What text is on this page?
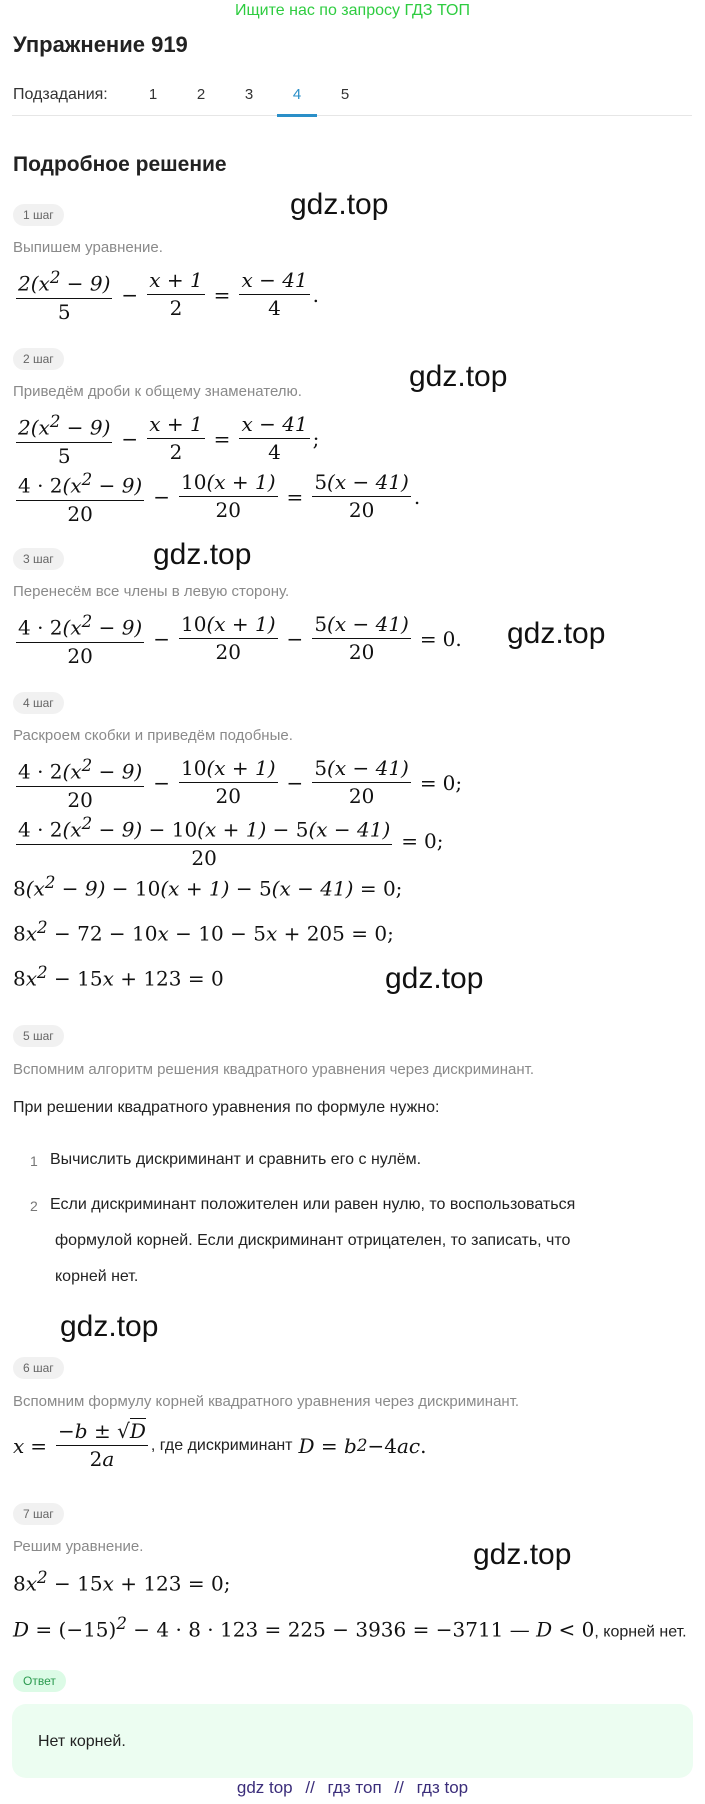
Ищите нас по запросу ГДЗ ТОП
Упражнение 919
Подзадания:	1	2	3	4	5
Подробное решение
gdz.top
gdz.top
gdz.top
gdz.top
gdz.top
gdz.top
gdz.top
1 шаг
Выпишем уравнение.
$\frac{2(x^2 - 9)}{5} - \frac{x + 1}{2} = \frac{x - 41}{4}$ .
2 шаг
Приведём дроби к общему знаменателю.
$\frac{2(x^2 - 9)}{5} - \frac{x + 1}{2} = \frac{x - 41}{4}$ ;
$\frac{4 \cdot 2(x^2 - 9)}{20} - \frac{10(x + 1)}{20} = \frac{5(x - 41)}{20}$ .
3 шаг
Перенесём все члены в левую сторону.
$\frac{4 \cdot 2(x^2 - 9)}{20} - \frac{10(x + 1)}{20} - \frac{5(x - 41)}{20} = 0$.
4 шаг
Раскроем скобки и приведём подобные.
$\frac{4 \cdot 2(x^2 - 9)}{20} - \frac{10(x + 1)}{20} - \frac{5(x - 41)}{20} = 0$;
$\frac{4 \cdot 2(x^2 - 9) - 10(x + 1) - 5(x - 41)}{20} = 0$;
$8(x^2 - 9) - 10(x + 1) - 5(x - 41) = 0$;
$8x^2 - 72 - 10x - 10 - 5x + 205 = 0$;
$8x^2 - 15x + 123 = 0$
5 шаг
Вспомним алгоритм решения квадратного уравнения через дискриминант.
При решении квадратного уравнения по формуле нужно:
1 Вычислить дискриминант и сравнить его с нулём.
2 Если дискриминант положителен или равен нулю, то воспользоваться
формулой корней. Если дискриминант отрицателен, то записать, что
корней нет.
6 шаг
Вспомним формулу корней квадратного уравнения через дискриминант.
$x = \frac{-b \pm √D}{2a}$ , где дискриминант D = b 2 − 4 ac .
7 шаг
Решим уравнение.
$8x^2 - 15x + 123 = 0$;
$D = (-15)^2 - 4 \cdot 8 \cdot 123 = 225 - 3936 = -3711$ — D < 0, корней нет.
Ответ
Нет корней.
gdz top // гдз топ // гдз top
